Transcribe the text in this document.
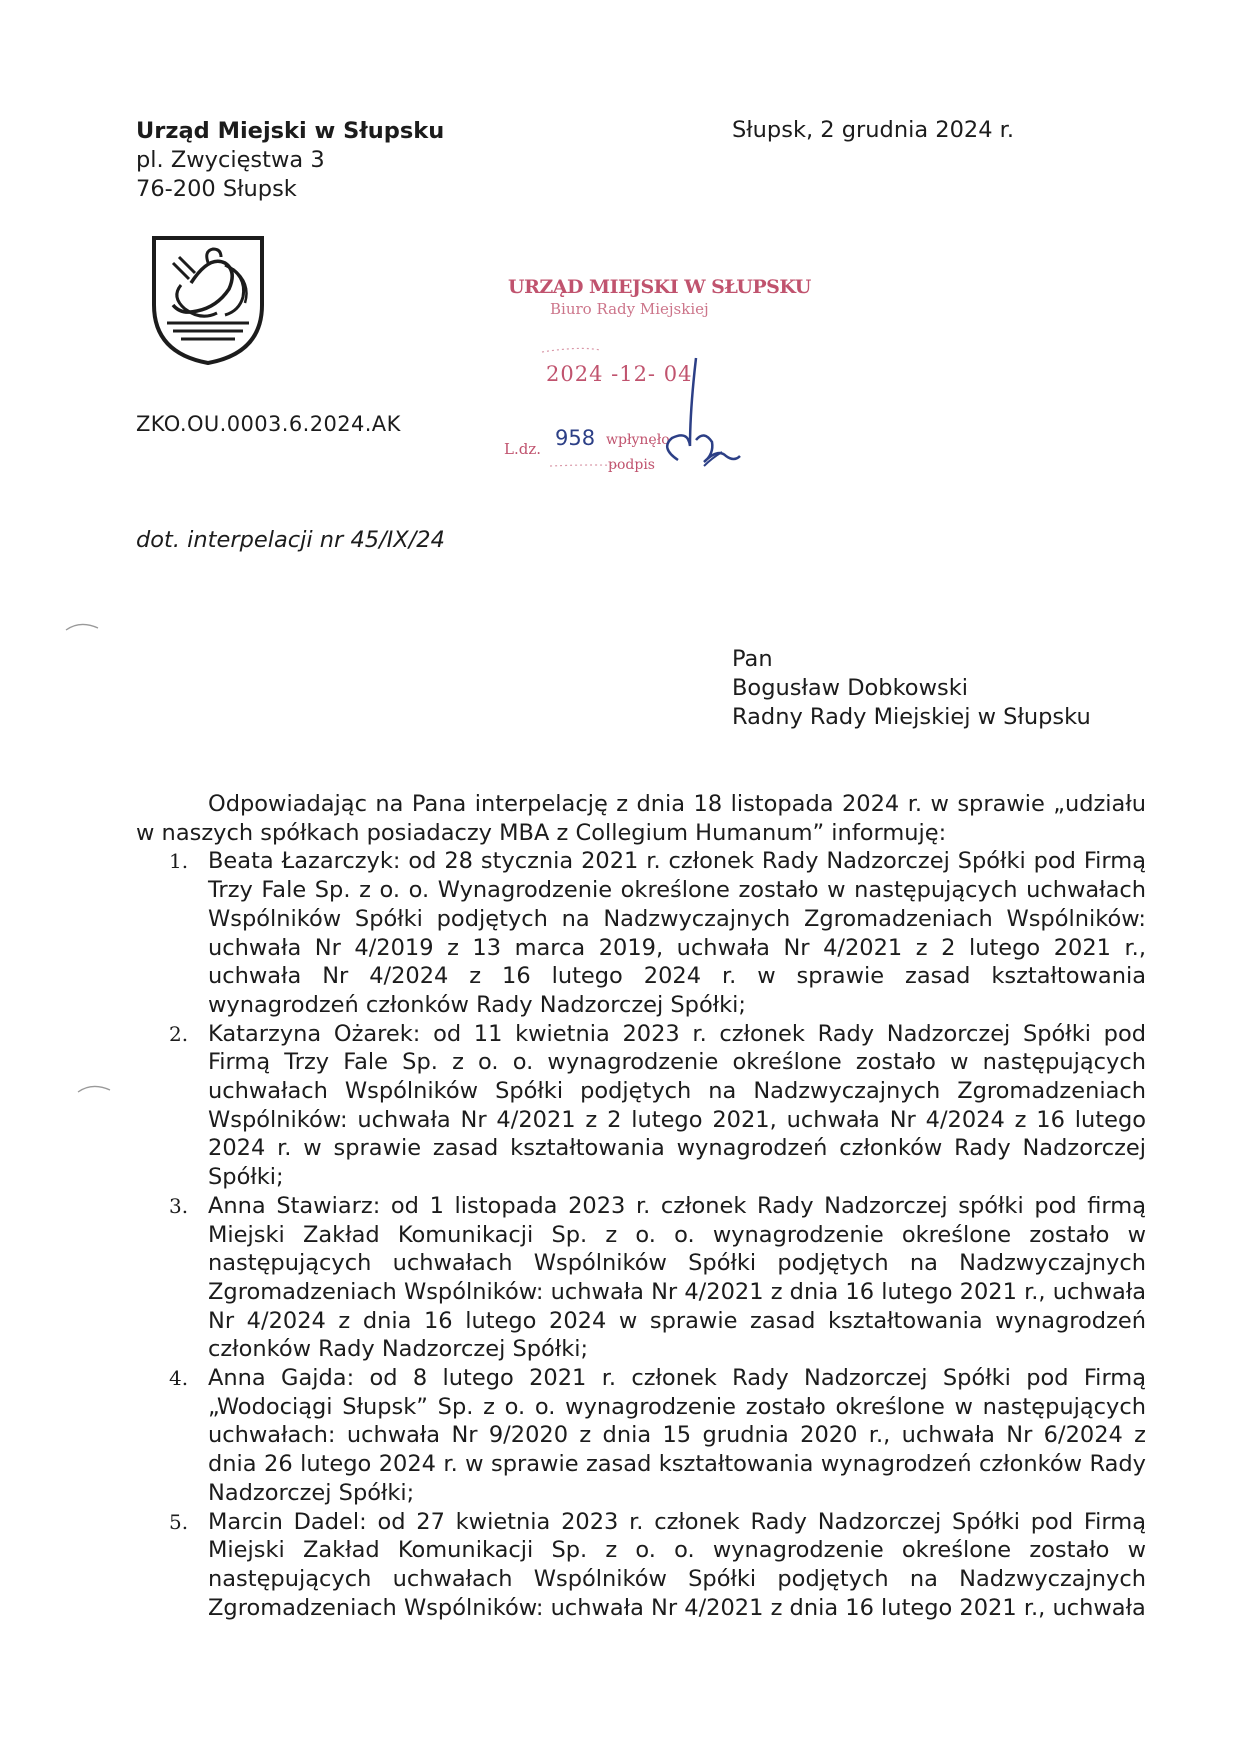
Urząd Miejski w Słupsku
pl. Zwycięstwa 3
76-200 Słupsk
Słupsk, 2 grudnia 2024 r.
ZKO.OU.0003.6.2024.AK
URZĄD MIEJSKI W SŁUPSKU
Biuro Rady Miejskiej
2024 -12- 04
L.dz. 958 wpłynęło
podpis
dot. interpelacji nr 45/IX/24
Pan
Bogusław Dobkowski
Radny Rady Miejskiej w Słupsku

Odpowiadając na Pana interpelację z dnia 18 listopada 2024 r. w sprawie „udziału w naszych spółkach posiadaczy MBA z Collegium Humanum” informuję:

1. Beata Łazarczyk: od 28 stycznia 2021 r. członek Rady Nadzorczej Spółki pod Firmą Trzy Fale Sp. z o. o. Wynagrodzenie określone zostało w następujących uchwałach Wspólników Spółki podjętych na Nadzwyczajnych Zgromadzeniach Wspólników: uchwała Nr 4/2019 z 13 marca 2019, uchwała Nr 4/2021 z 2 lutego 2021 r., uchwała Nr 4/2024 z 16 lutego 2024 r. w sprawie zasad kształtowania wynagrodzeń członków Rady Nadzorczej Spółki;
2. Katarzyna Ożarek: od 11 kwietnia 2023 r. członek Rady Nadzorczej Spółki pod Firmą Trzy Fale Sp. z o. o. wynagrodzenie określone zostało w następujących uchwałach Wspólników Spółki podjętych na Nadzwyczajnych Zgromadzeniach Wspólników: uchwała Nr 4/2021 z 2 lutego 2021, uchwała Nr 4/2024 z 16 lutego 2024 r. w sprawie zasad kształtowania wynagrodzeń członków Rady Nadzorczej Spółki;
3. Anna Stawiarz: od 1 listopada 2023 r. członek Rady Nadzorczej spółki pod firmą Miejski Zakład Komunikacji Sp. z o. o. wynagrodzenie określone zostało w następujących uchwałach Wspólników Spółki podjętych na Nadzwyczajnych Zgromadzeniach Wspólników: uchwała Nr 4/2021 z dnia 16 lutego 2021 r., uchwała Nr 4/2024 z dnia 16 lutego 2024 w sprawie zasad kształtowania wynagrodzeń członków Rady Nadzorczej Spółki;
4. Anna Gajda: od 8 lutego 2021 r. członek Rady Nadzorczej Spółki pod Firmą „Wodociągi Słupsk” Sp. z o. o. wynagrodzenie zostało określone w następujących uchwałach: uchwała Nr 9/2020 z dnia 15 grudnia 2020 r., uchwała Nr 6/2024 z dnia 26 lutego 2024 r. w sprawie zasad kształtowania wynagrodzeń członków Rady Nadzorczej Spółki;
5. Marcin Dadel: od 27 kwietnia 2023 r. członek Rady Nadzorczej Spółki pod Firmą Miejski Zakład Komunikacji Sp. z o. o. wynagrodzenie określone zostało w następujących uchwałach Wspólników Spółki podjętych na Nadzwyczajnych Zgromadzeniach Wspólników: uchwała Nr 4/2021 z dnia 16 lutego 2021 r., uchwała
